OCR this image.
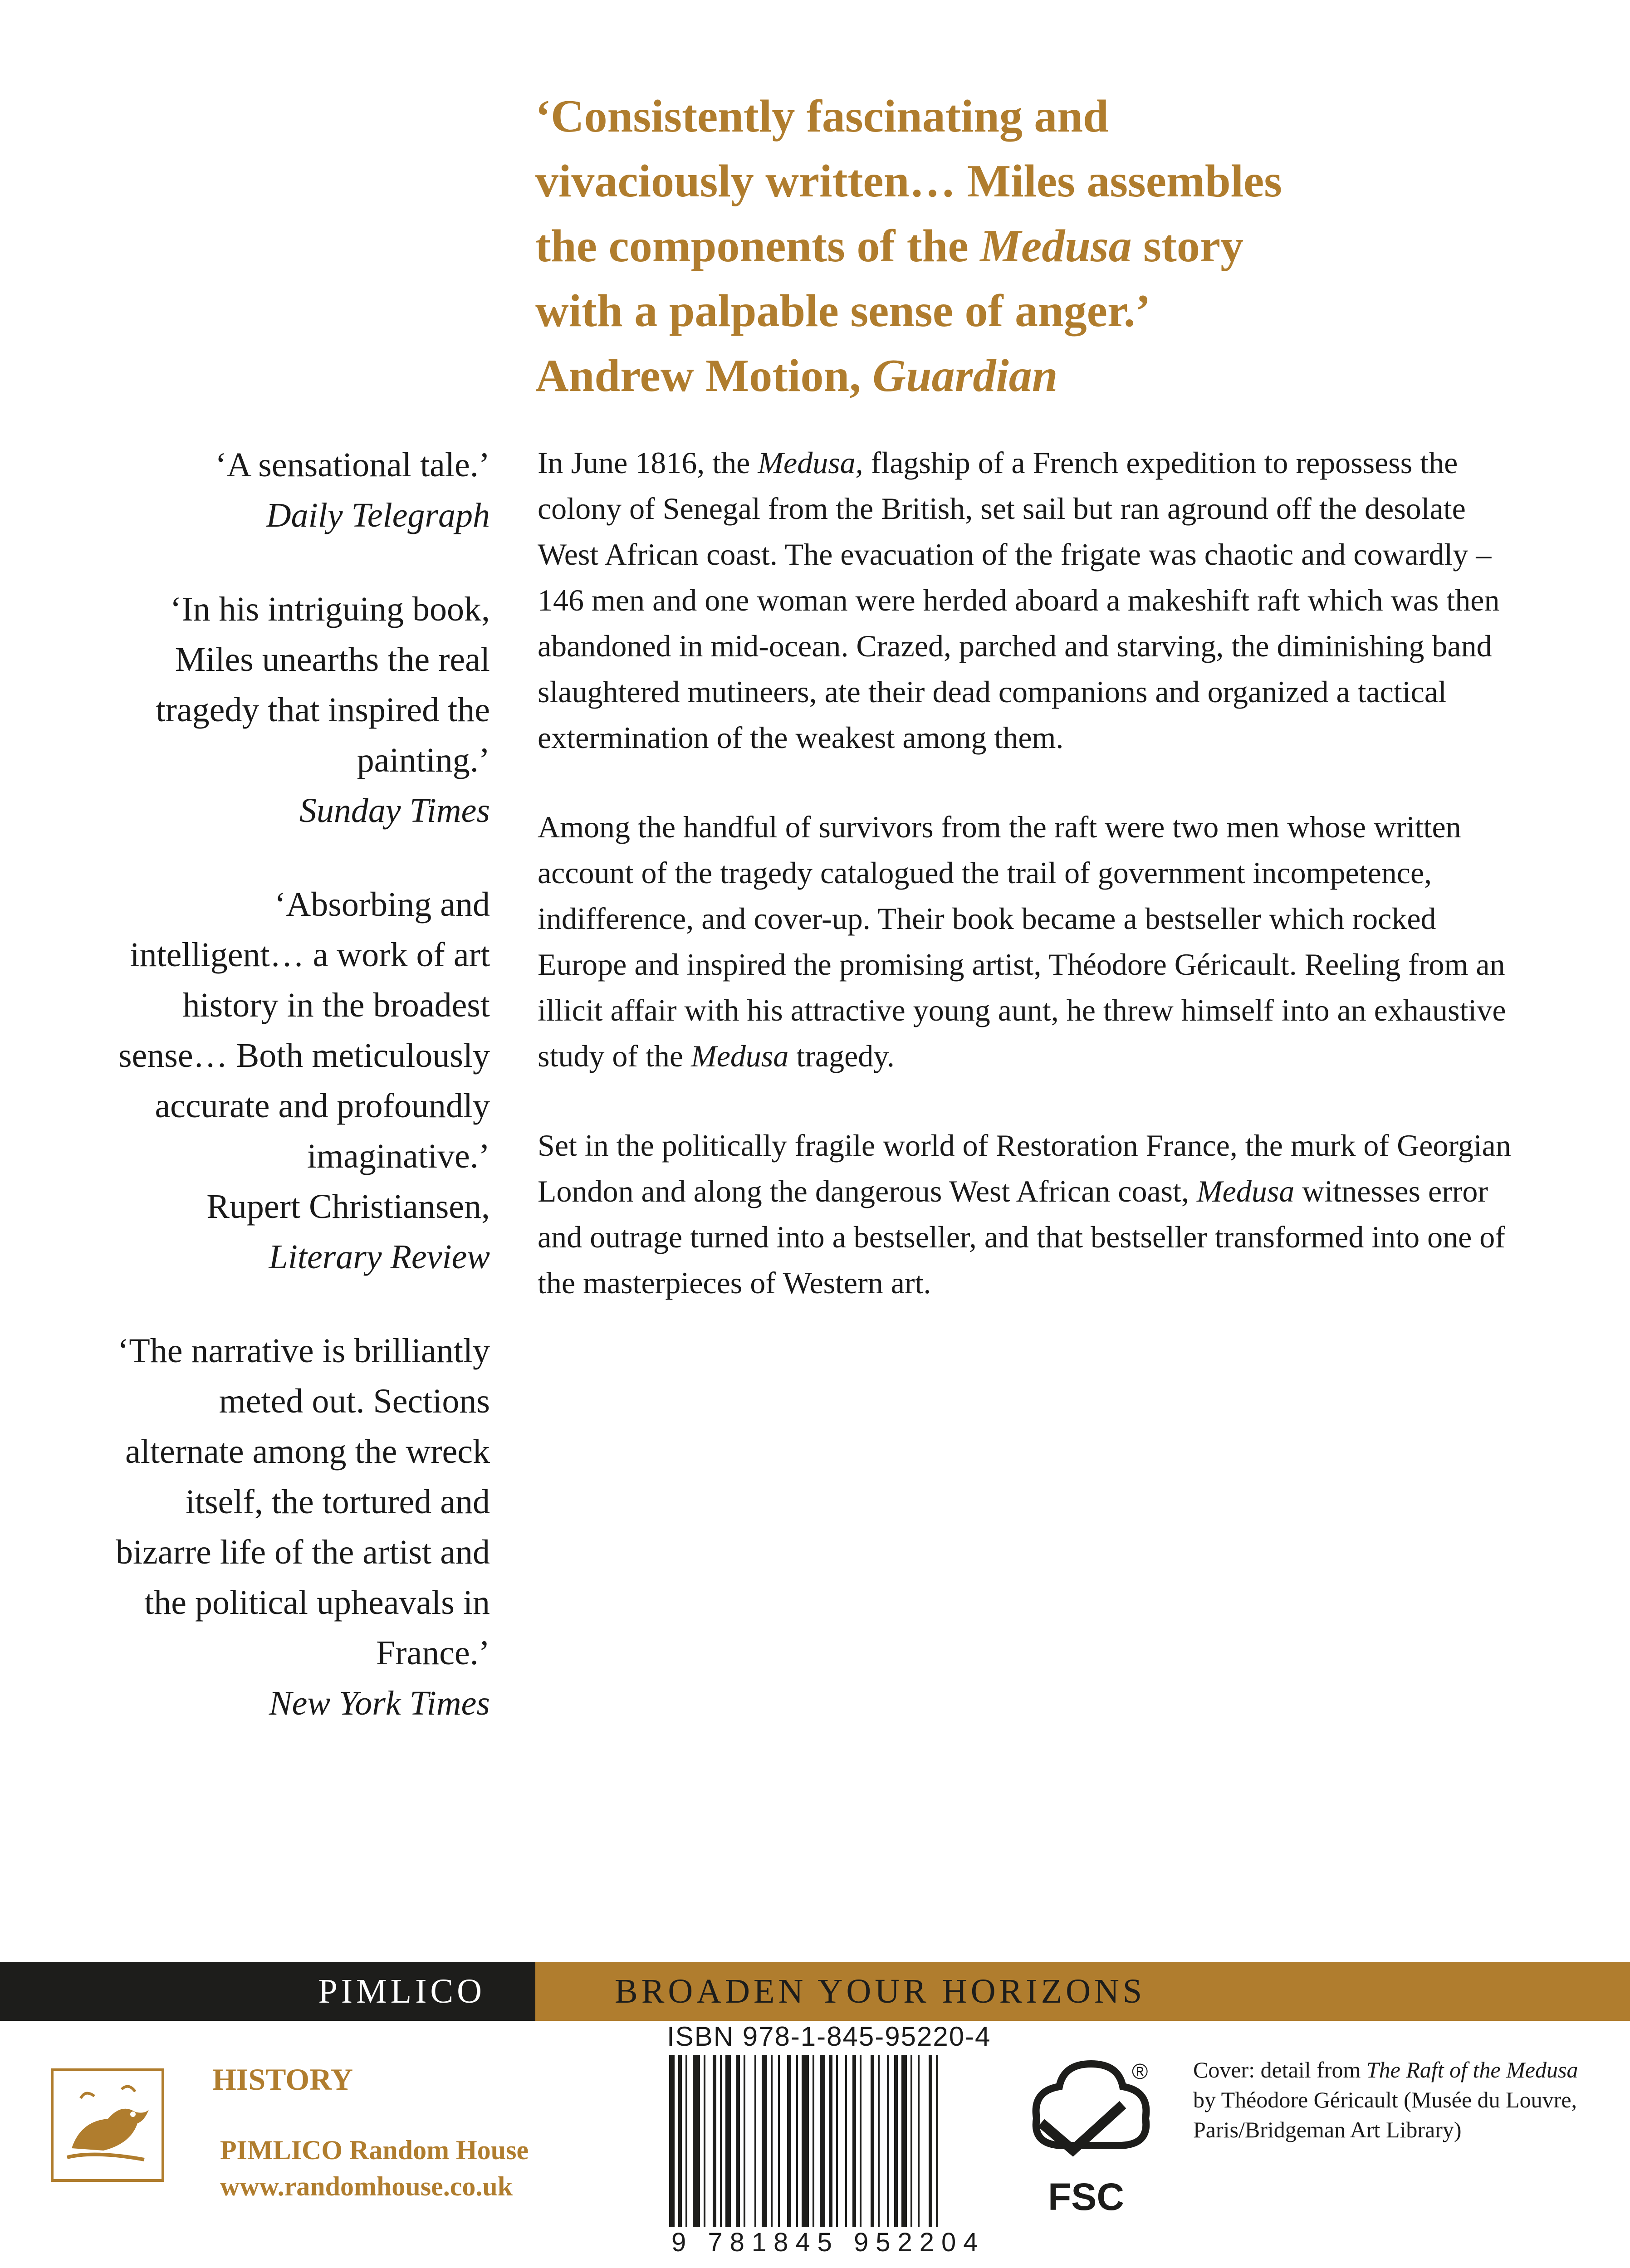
‘Consistently fascinating and
vivaciously written… Miles assembles
the components of the Medusa story
with a palpable sense of anger.’
Andrew Motion, Guardian
‘A sensational tale.’
Daily Telegraph
‘In his intriguing book, Miles unearths the real tragedy that inspired the painting.’
Sunday Times
‘Absorbing and intelligent… a work of art history in the broadest sense… Both meticulously accurate and profoundly imaginative.’
Rupert Christiansen,
Literary Review
‘The narrative is brilliantly meted out. Sections alternate among the wreck itself, the tortured and bizarre life of the artist and the political upheavals in France.’
New York Times

In June 1816, the Medusa, flagship of a French expedition to repossess the colony of Senegal from the British, set sail but ran aground off the desolate West African coast. The evacuation of the frigate was chaotic and cowardly – 146 men and one woman were herded aboard a makeshift raft which was then abandoned in mid-ocean. Crazed, parched and starving, the diminishing band slaughtered mutineers, ate their dead companions and organized a tactical extermination of the weakest among them.

Among the handful of survivors from the raft were two men whose written account of the tragedy catalogued the trail of government incompetence, indifference, and cover-up. Their book became a bestseller which rocked Europe and inspired the promising artist, Théodore Géricault. Reeling from an illicit affair with his attractive young aunt, he threw himself into an exhaustive study of the Medusa tragedy.

Set in the politically fragile world of Restoration France, the murk of Georgian London and along the dangerous West African coast, Medusa witnesses error and outrage turned into a bestseller, and that bestseller transformed into one of the masterpieces of Western art.

PIMLICO	BROADEN YOUR HORIZONS
HISTORY
PIMLICO Random House
www.randomhouse.co.uk
ISBN 978-1-845-95220-4
9 781845 952204
®
FSC
Cover: detail from The Raft of the Medusa by Théodore Géricault (Musée du Louvre, Paris/Bridgeman Art Library)
